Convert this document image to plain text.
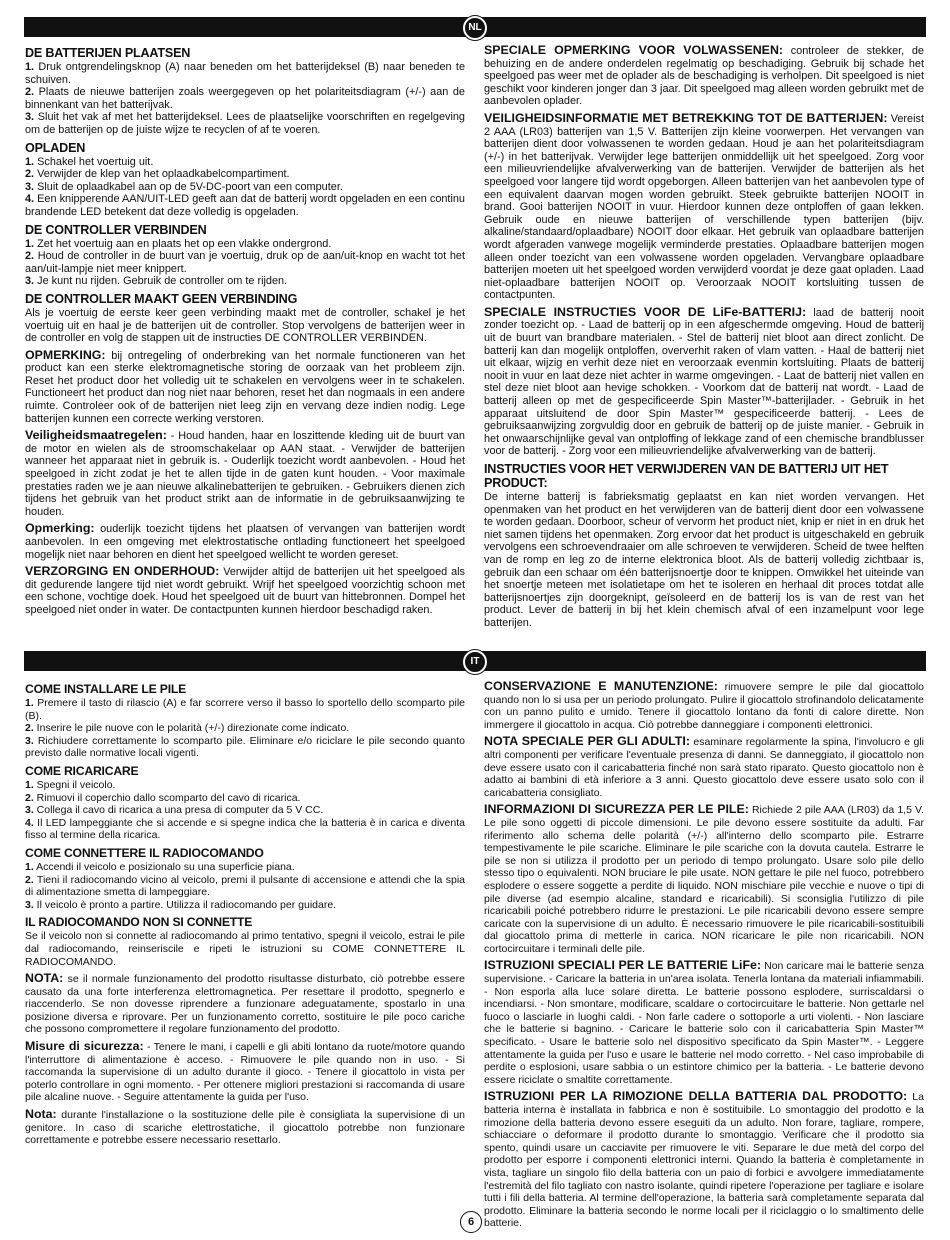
NL
DE BATTERIJEN PLAATSEN
1. Druk ontgrendelingsknop (A) naar beneden om het batterijdeksel (B) naar beneden te schuiven.
2. Plaats de nieuwe batterijen zoals weergegeven op het polariteitsdiagram (+/-) aan de binnenkant van het batterijvak.
3. Sluit het vak af met het batterijdeksel. Lees de plaatselijke voorschriften en regelgeving om de batterijen op de juiste wijze te recyclen of af te voeren.
OPLADEN
1. Schakel het voertuig uit.
2. Verwijder de klep van het oplaadkabelcompartiment.
3. Sluit de oplaadkabel aan op de 5V-DC-poort van een computer.
4. Een knipperende AAN/UIT-LED geeft aan dat de batterij wordt opgeladen en een continu brandende LED betekent dat deze volledig is opgeladen.
DE CONTROLLER VERBINDEN
1. Zet het voertuig aan en plaats het op een vlakke ondergrond.
2. Houd de controller in de buurt van je voertuig, druk op de aan/uit-knop en wacht tot het aan/uit-lampje niet meer knippert.
3. Je kunt nu rijden. Gebruik de controller om te rijden.
DE CONTROLLER MAAKT GEEN VERBINDING
Als je voertuig de eerste keer geen verbinding maakt met de controller, schakel je het voertuig uit en haal je de batterijen uit de controller. Stop vervolgens de batterijen weer in de controller en volg de stappen uit de instructies DE CONTROLLER VERBINDEN.
OPMERKING: bij ontregeling of onderbreking van het normale functioneren van het product kan een sterke elektromagnetische storing de oorzaak van het probleem zijn. Reset het product door het volledig uit te schakelen en vervolgens weer in te schakelen. Functioneert het product dan nog niet naar behoren, reset het dan nogmaals in een andere ruimte. Controleer ook of de batterijen niet leeg zijn en vervang deze indien nodig. Lege batterijen kunnen een correcte werking verstoren.
Veiligheidsmaatregelen: - Houd handen, haar en loszittende kleding uit de buurt van de motor en wielen als de stroomschakelaar op AAN staat. - Verwijder de batterijen wanneer het apparaat niet in gebruik is. - Ouderlijk toezicht wordt aanbevolen. - Houd het speelgoed in zicht zodat je het te allen tijde in de gaten kunt houden. - Voor maximale prestaties raden we je aan nieuwe alkalinebatterijen te gebruiken. - Gebruikers dienen zich tijdens het gebruik van het product strikt aan de informatie in de gebruiksaanwijzing te houden.
Opmerking: ouderlijk toezicht tijdens het plaatsen of vervangen van batterijen wordt aanbevolen. In een omgeving met elektrostatische ontlading functioneert het speelgoed mogelijk niet naar behoren en dient het speelgoed wellicht te worden gereset.
VERZORGING EN ONDERHOUD: Verwijder altijd de batterijen uit het speelgoed als dit gedurende langere tijd niet wordt gebruikt. Wrijf het speelgoed voorzichtig schoon met een schone, vochtige doek. Houd het speelgoed uit de buurt van hittebronnen. Dompel het speelgoed niet onder in water. De contactpunten kunnen hierdoor beschadigd raken.
SPECIALE OPMERKING VOOR VOLWASSENEN: controleer de stekker, de behuizing en de andere onderdelen regelmatig op beschadiging. Gebruik bij schade het speelgoed pas weer met de oplader als de beschadiging is verholpen. Dit speelgoed is niet geschikt voor kinderen jonger dan 3 jaar. Dit speelgoed mag alleen worden gebruikt met de aanbevolen oplader.
VEILIGHEIDSINFORMATIE MET BETREKKING TOT DE BATTERIJEN: Vereist 2 AAA (LR03) batterijen van 1,5 V. Batterijen zijn kleine voorwerpen. Het vervangen van batterijen dient door volwassenen te worden gedaan. Houd je aan het polariteitsdiagram (+/-) in het batterijvak. Verwijder lege batterijen onmiddellijk uit het speelgoed. Zorg voor een milieuvriendelijke afvalverwerking van de batterijen. Verwijder de batterijen als het speelgoed voor langere tijd wordt opgeborgen. Alleen batterijen van het aanbevolen type of een equivalent daarvan mogen worden gebruikt. Steek gebruikte batterijen NOOIT in brand. Gooi batterijen NOOIT in vuur. Hierdoor kunnen deze ontploffen of gaan lekken. Gebruik oude en nieuwe batterijen of verschillende typen batterijen (bijv. alkaline/standaard/oplaadbare) NOOIT door elkaar. Het gebruik van oplaadbare batterijen wordt afgeraden vanwege mogelijk verminderde prestaties. Oplaadbare batterijen mogen alleen onder toezicht van een volwassene worden opgeladen. Vervangbare oplaadbare batterijen moeten uit het speelgoed worden verwijderd voordat je deze gaat opladen. Laad niet-oplaadbare batterijen NOOIT op. Veroorzaak NOOIT kortsluiting tussen de contactpunten.
SPECIALE INSTRUCTIES VOOR DE LiFe-BATTERIJ: laad de batterij nooit zonder toezicht op. - Laad de batterij op in een afgeschermde omgeving. Houd de batterij uit de buurt van brandbare materialen. - Stel de batterij niet bloot aan direct zonlicht. De batterij kan dan mogelijk ontploffen, oververhit raken of vlam vatten. - Haal de batterij niet uit elkaar, wijzig en verhit deze niet en veroorzaak evenmin kortsluiting. Plaats de batterij nooit in vuur en laat deze niet achter in warme omgevingen. - Laat de batterij niet vallen en stel deze niet bloot aan hevige schokken. - Voorkom dat de batterij nat wordt. - Laad de batterij alleen op met de gespecificeerde Spin Master™-batterijlader. - Gebruik in het apparaat uitsluitend de door Spin Master™ gespecificeerde batterij. - Lees de gebruiksaanwijzing zorgvuldig door en gebruik de batterij op de juiste manier. - Gebruik in het onwaarschijnlijke geval van ontploffing of lekkage zand of een chemische brandblusser voor de batterij. - Zorg voor een milieuvriendelijke afvalverwerking van de batterij.
INSTRUCTIES VOOR HET VERWIJDEREN VAN DE BATTERIJ UIT HET PRODUCT:
De interne batterij is fabrieksmatig geplaatst en kan niet worden vervangen. Het openmaken van het product en het verwijderen van de batterij dient door een volwassene te worden gedaan. Doorboor, scheur of vervorm het product niet, knip er niet in en druk het niet samen tijdens het openmaken. Zorg ervoor dat het product is uitgeschakeld en gebruik vervolgens een schroevendraaier om alle schroeven te verwijderen. Scheid de twee helften van de romp en leg zo de interne elektronica bloot. Als de batterij volledig zichtbaar is, gebruik dan een schaar om één batterijsnoertje door te knippen. Omwikkel het uiteinde van het snoertje meteen met isolatietape om het te isoleren en herhaal dit proces totdat alle batterijsnoertjes zijn doorgeknipt, geïsoleerd en de batterij los is van de rest van het product. Lever de batterij in bij het klein chemisch afval of een inzamelpunt voor lege batterijen.
IT
COME INSTALLARE LE PILE
1. Premere il tasto di rilascio (A) e far scorrere verso il basso lo sportello dello scomparto pile (B).
2. Inserire le pile nuove con le polarità (+/-) direzionate come indicato.
3. Richiudere correttamente lo scomparto pile. Eliminare e/o riciclare le pile secondo quanto previsto dalle normative locali vigenti.
COME RICARICARE
1. Spegni il veicolo.
2. Rimuovi il coperchio dallo scomparto del cavo di ricarica.
3. Collega il cavo di ricarica a una presa di computer da 5 V CC.
4. Il LED lampeggiante che si accende e si spegne indica che la batteria è in carica e diventa fisso al termine della ricarica.
COME CONNETTERE IL RADIOCOMANDO
1. Accendi il veicolo e posizionalo su una superficie piana.
2. Tieni il radiocomando vicino al veicolo, premi il pulsante di accensione e attendi che la spia di alimentazione smetta di lampeggiare.
3. Il veicolo è pronto a partire. Utilizza il radiocomando per guidare.
IL RADIOCOMANDO NON SI CONNETTE
Se il veicolo non si connette al radiocomando al primo tentativo, spegni il veicolo, estrai le pile dal radiocomando, reinseriscile e ripeti le istruzioni su COME CONNETTERE IL RADIOCOMANDO.
NOTA: se il normale funzionamento del prodotto risultasse disturbato, ciò potrebbe essere causato da una forte interferenza elettromagnetica. Per resettare il prodotto, spegnerlo e riaccenderlo. Se non dovesse riprendere a funzionare adeguatamente, spostarlo in una posizione diversa e riprovare. Per un funzionamento corretto, sostituire le pile poco cariche che possono compromettere il regolare funzionamento del prodotto.
Misure di sicurezza: - Tenere le mani, i capelli e gli abiti lontano da ruote/motore quando l'interruttore di alimentazione è acceso. - Rimuovere le pile quando non in uso. - Si raccomanda la supervisione di un adulto durante il gioco. - Tenere il giocattolo in vista per poterlo controllare in ogni momento. - Per ottenere migliori prestazioni si raccomanda di usare pile alcaline nuove. - Seguire attentamente la guida per l'uso.
Nota: durante l'installazione o la sostituzione delle pile è consigliata la supervisione di un genitore. In caso di scariche elettrostatiche, il giocattolo potrebbe non funzionare correttamente e potrebbe essere necessario resettarlo.
CONSERVAZIONE E MANUTENZIONE: rimuovere sempre le pile dal giocattolo quando non lo si usa per un periodo prolungato. Pulire il giocattolo strofinandolo delicatamente con un panno pulito e umido. Tenere il giocattolo lontano da fonti di calore dirette. Non immergere il giocattolo in acqua. Ciò potrebbe danneggiare i componenti elettronici.
NOTA SPECIALE PER GLI ADULTI: esaminare regolarmente la spina, l'involucro e gli altri componenti per verificare l'eventuale presenza di danni. Se danneggiato, il giocattolo non deve essere usato con il caricabatteria finché non sarà stato riparato. Questo giocattolo non è adatto ai bambini di età inferiore a 3 anni. Questo giocattolo deve essere usato solo con il caricabatteria consigliato.
INFORMAZIONI DI SICUREZZA PER LE PILE: Richiede 2 pile AAA (LR03) da 1,5 V. Le pile sono oggetti di piccole dimensioni. Le pile devono essere sostituite da adulti. Far riferimento allo schema delle polarità (+/-) all'interno dello scomparto pile. Estrarre tempestivamente le pile scariche. Eliminare le pile scariche con la dovuta cautela. Estrarre le pile se non si utilizza il prodotto per un periodo di tempo prolungato. Usare solo pile dello stesso tipo o equivalenti. NON bruciare le pile usate. NON gettare le pile nel fuoco, potrebbero esplodere o essere soggette a perdite di liquido. NON mischiare pile vecchie e nuove o tipi di pile diverse (ad esempio alcaline, standard e ricaricabili). Si sconsiglia l'utilizzo di pile ricaricabili poiché potrebbero ridurre le prestazioni. Le pile ricaricabili devono essere sempre caricate con la supervisione di un adulto. È necessario rimuovere le pile ricaricabili-sostituibili dal giocattolo prima di metterle in carica. NON ricaricare le pile non ricaricabili. NON cortocircuitare i terminali delle pile.
ISTRUZIONI SPECIALI PER LE BATTERIE LiFe: Non caricare mai le batterie senza supervisione. - Caricare la batteria in un'area isolata. Tenerla lontana da materiali infiammabili. - Non esporla alla luce solare diretta. Le batterie possono esplodere, surriscaldarsi o incendiarsi. - Non smontare, modificare, scaldare o cortocircuitare le batterie. Non gettarle nel fuoco o lasciarle in luoghi caldi. - Non farle cadere o sottoporle a urti violenti. - Non lasciare che le batterie si bagnino. - Caricare le batterie solo con il caricabatteria Spin Master™ specificato. - Usare le batterie solo nel dispositivo specificato da Spin Master™. - Leggere attentamente la guida per l'uso e usare le batterie nel modo corretto. - Nel caso improbabile di perdite o esplosioni, usare sabbia o un estintore chimico per la batteria. - Le batterie devono essere riciclate o smaltite correttamente.
ISTRUZIONI PER LA RIMOZIONE DELLA BATTERIA DAL PRODOTTO: La batteria interna è installata in fabbrica e non è sostituibile. Lo smontaggio del prodotto e la rimozione della batteria devono essere eseguiti da un adulto. Non forare, tagliare, rompere, schiacciare o deformare il prodotto durante lo smontaggio. Verificare che il prodotto sia spento, quindi usare un cacciavite per rimuovere le viti. Separare le due metà del corpo del prodotto per esporre i componenti elettronici interni. Quando la batteria è completamente in vista, tagliare un singolo filo della batteria con un paio di forbici e avvolgere immediatamente l'estremità del filo tagliato con nastro isolante, quindi ripetere l'operazione per tagliare e isolare tutti i fili della batteria. Al termine dell'operazione, la batteria sarà completamente separata dal prodotto. Eliminare la batteria secondo le norme locali per il riciclaggio o lo smaltimento delle batterie.
6
